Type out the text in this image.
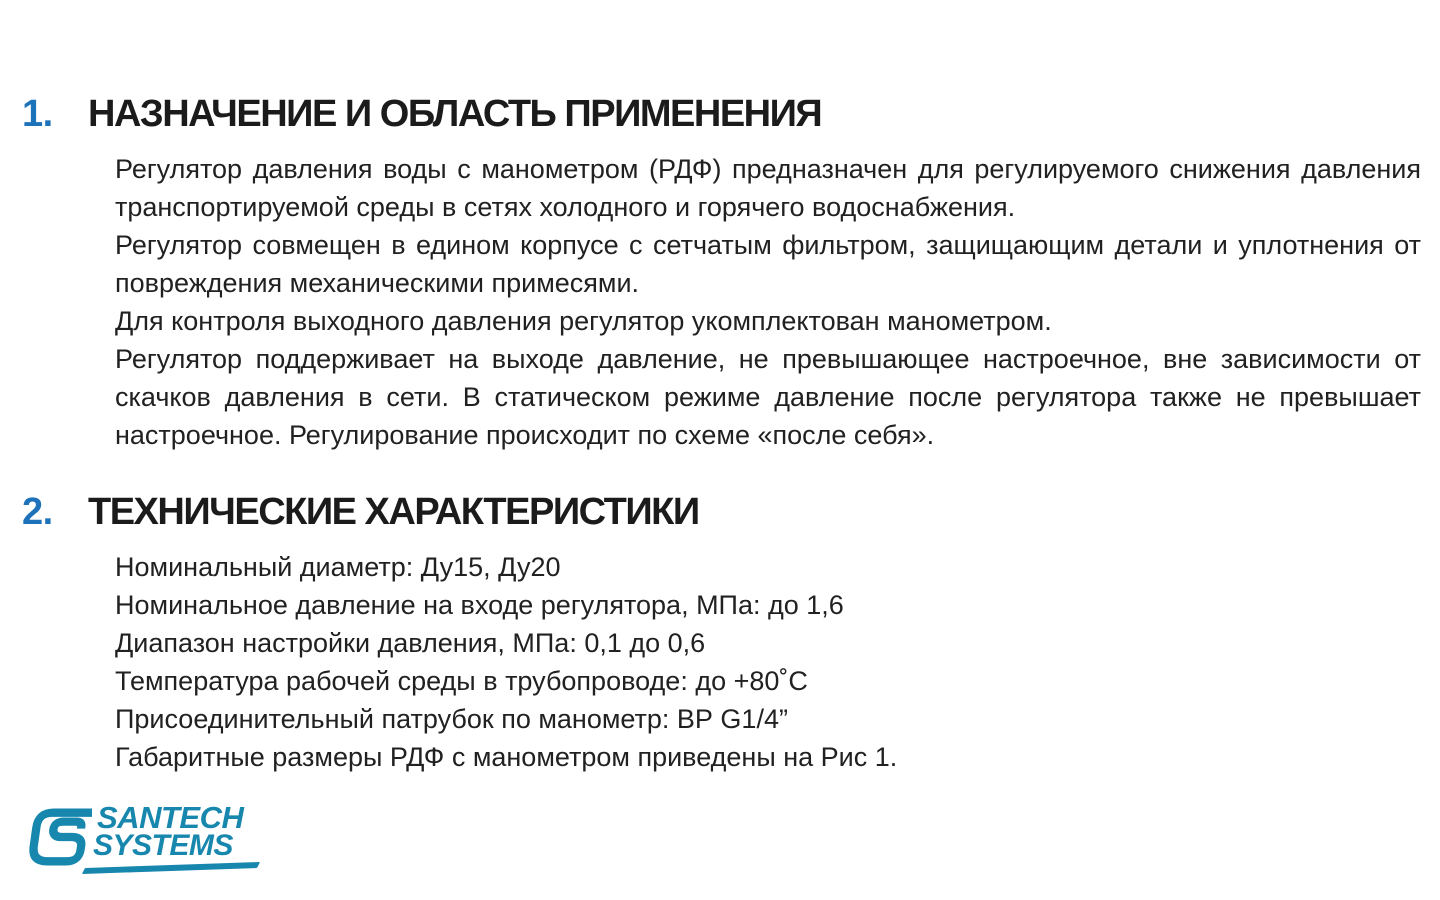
1. НАЗНАЧЕНИЕ И ОБЛАСТЬ ПРИМЕНЕНИЯ

Регулятор давления воды с манометром (РДФ) предназначен для регулируемого снижения давления транспортируемой среды в сетях холодного и горячего водоснабжения.

Регулятор совмещен в едином корпусе с сетчатым фильтром, защищающим детали и уплотнения от повреждения механическими примесями.

Для контроля выходного давления регулятор укомплектован манометром.

Регулятор поддерживает на выходе давление, не превышающее настроечное, вне зависимости от скачков давления в сети. В статическом режиме давление после регулятора также не превышает настроечное. Регулирование происходит по схеме «после себя».

2. ТЕХНИЧЕСКИЕ ХАРАКТЕРИСТИКИ

Номинальный диаметр: Ду15, Ду20

Номинальное давление на входе регулятора, МПа: до 1,6

Диапазон настройки давления, МПа: 0,1 до 0,6

Температура рабочей среды в трубопроводе: до +80˚С

Присоединительный патрубок по манометр: ВР G1/4”

Габаритные размеры РДФ с манометром приведены на Рис 1.

SANTECH
SYSTEMS
